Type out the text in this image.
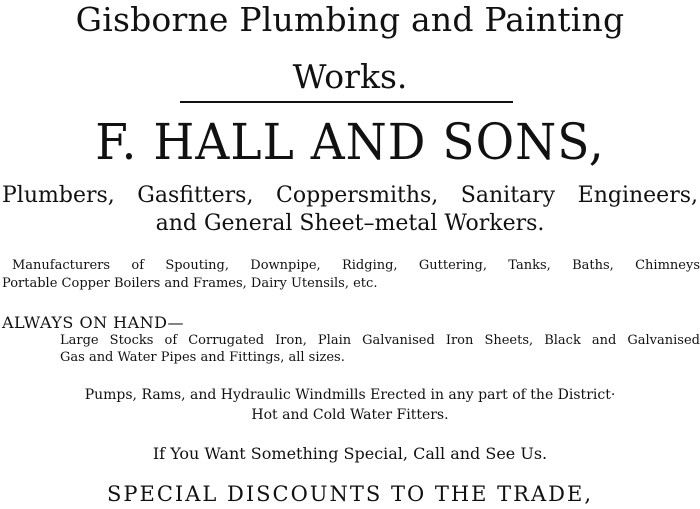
Gisborne Plumbing and Painting
Works.
F. HALL AND SONS,
Plumbers, Gasfitters, Coppersmiths, Sanitary Engineers,
and General Sheet–metal Workers.
Manufacturers of Spouting, Downpipe, Ridging, Guttering, Tanks, Baths, Chimneys
Portable Copper Boilers and Frames, Dairy Utensils, etc.
ALWAYS ON HAND—
Large Stocks of Corrugated Iron, Plain Galvanised Iron Sheets, Black and Galvanised
Gas and Water Pipes and Fittings, all sizes.
Pumps, Rams, and Hydraulic Windmills Erected in any part of the District·
Hot and Cold Water Fitters.
If You Want Something Special, Call and See Us.
SPECIAL DISCOUNTS TO THE TRADE,
